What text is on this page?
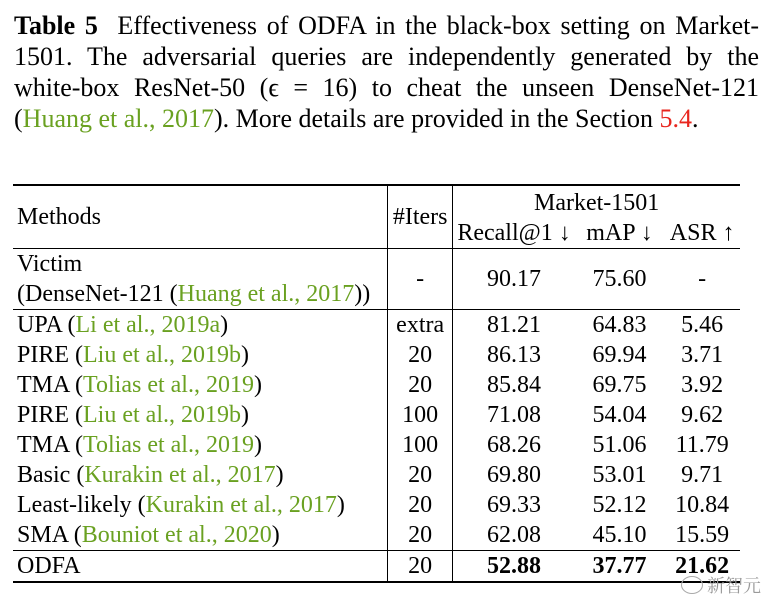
Table 5 Effectiveness of ODFA in the black-box setting on Market-1501. The adversarial queries are independently generated by the white-box ResNet-50 (ϵ = 16) to cheat the unseen DenseNet-121 (Huang et al., 2017). More details are provided in the Section 5.4.
Methods	#Iters	Market-1501		
		Recall@1 ↓	mAP ↓	ASR ↑

Victim
(DenseNet-121 (Huang et al., 2017))	-	90.17	75.60	-
UPA (Li et al., 2019a)	extra	81.21	64.83	5.46
PIRE (Liu et al., 2019b)	20	86.13	69.94	3.71
TMA (Tolias et al., 2019)	20	85.84	69.75	3.92
PIRE (Liu et al., 2019b)	100	71.08	54.04	9.62
TMA (Tolias et al., 2019)	100	68.26	51.06	11.79
Basic (Kurakin et al., 2017)	20	69.80	53.01	9.71
Least-likely (Kurakin et al., 2017)	20	69.33	52.12	10.84
SMA (Bouniot et al., 2020)	20	62.08	45.10	15.59
ODFA	20	52.88	37.77	21.62
新智元
